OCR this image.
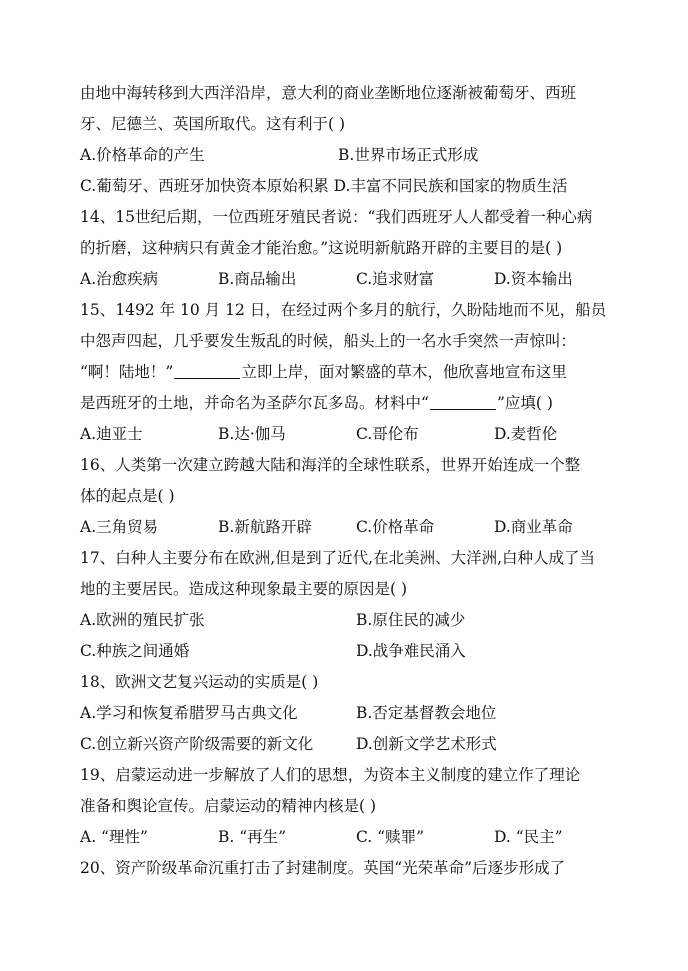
由地中海转移到大西洋沿岸，意大利的商业垄断地位逐渐被葡萄牙、西班
牙、尼德兰、英国所取代。这有利于( )
A.价格革命的产生	B.世界市场正式形成
C.葡萄牙、西班牙加快资本原始积累 D.丰富不同民族和国家的物质生活
14、15世纪后期，一位西班牙殖民者说：“我们西班牙人人都受着一种心病
的折磨，这种病只有黄金才能治愈。”这说明新航路开辟的主要目的是( )
A.治愈疾病	B.商品输出	C.追求财富	D.资本输出
15、1492 年 10 月 12 日，在经过两个多月的航行，久盼陆地而不见，船员
中怨声四起，几乎要发生叛乱的时候，船头上的一名水手突然一声惊叫：
“啊！陆地！”	立即上岸，面对繁盛的草木，他欣喜地宣布这里
是西班牙的土地，并命名为圣萨尔瓦多岛。材料中“	”应填( )
A.迪亚士	B.达·伽马	C.哥伦布	D.麦哲伦
16、人类第一次建立跨越大陆和海洋的全球性联系，世界开始连成一个整
体的起点是( )
A.三角贸易	B.新航路开辟	C.价格革命	D.商业革命
17、白种人主要分布在欧洲,但是到了近代,在北美洲、大洋洲,白种人成了当
地的主要居民。造成这种现象最主要的原因是( )
A.欧洲的殖民扩张	B.原住民的减少
C.种族之间通婚	D.战争难民涌入
18、欧洲文艺复兴运动的实质是( )
A.学习和恢复希腊罗马古典文化	B.否定基督教会地位
C.创立新兴资产阶级需要的新文化	D.创新文学艺术形式
19、启蒙运动进一步解放了人们的思想，为资本主义制度的建立作了理论
准备和舆论宣传。启蒙运动的精神内核是( )
A. “理性”	B. “再生”	C. “赎罪”	D. “民主”
20、资产阶级革命沉重打击了封建制度。英国“光荣革命”后逐步形成了
